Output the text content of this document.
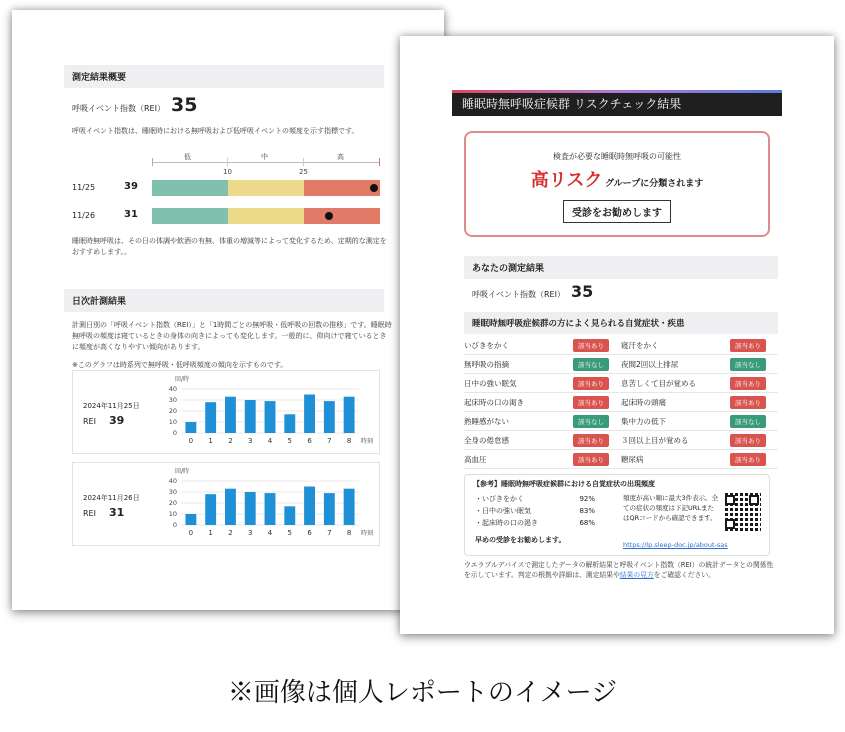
測定結果概要
呼吸イベント指数（REI） 35
呼吸イベント指数は、睡眠時における無呼吸および低呼吸イベントの頻度を示す指標です。
低	中	高
10	25
11/25	39
11/26	31
睡眠時無呼吸は、その日の体調や飲酒の有無、体重の増減等によって変化するため、定期的な測定をおすすめします。。
日次計測結果
計測日別の「呼吸イベント指数（REI）」と「1時間ごとの無呼吸・低呼吸の回数の推移」です。睡眠時無呼吸の頻度は寝ているときの身体の向きによっても変化します。一般的に、仰向けで寝ているときに頻度が高くなりやすい傾向があります。
※このグラフは時系列で無呼吸・低呼吸頻度の傾向を示すものです。
2024年11月25日
REI 39
回/時
0
10
20
30
40
0 1 2 3 4 5 6 7 8 時刻
2024年11月26日
REI 31
回/時
0
10
20
30
40
0 1 2 3 4 5 6 7 8 時刻
睡眠時無呼吸症候群 リスクチェック結果
検査が必要な睡眠時無呼吸の可能性
高リスク グループに分類されます
受診をお勧めします
あなたの測定結果
呼吸イベント指数（REI） 35
睡眠時無呼吸症候群の方によく見られる自覚症状・疾患
いびきをかく	該当あり	寝汗をかく	該当あり
無呼吸の指摘	該当なし	夜間2回以上排尿	該当なし
日中の強い眠気	該当あり	息苦しくて目が覚める	該当あり
起床時の口の渇き	該当あり	起床時の頭痛	該当あり
熟睡感がない	該当なし	集中力の低下	該当なし
全身の倦怠感	該当あり	３回以上目が覚める	該当あり
高血圧	該当あり	糖尿病	該当あり
【参考】睡眠時無呼吸症候群における自覚症状の出現頻度
・いびきをかく	92%
・日中の強い眠気	83%
・起床時の口の渇き	68%
早めの受診をお勧めします。
頻度が高い順に最大3件表示。全ての症状の頻度は下記URLまたはQRコードから確認できます。
https://lp.sleep-doc.jp/about-sas
ウエラブルデバイスで測定したデータの解析結果と呼吸イベント指数（REI）の統計データとの関係性を示しています。判定の根拠や詳細は、測定結果や結果の見方をご確認ください。
※画像は個人レポートのイメージ
